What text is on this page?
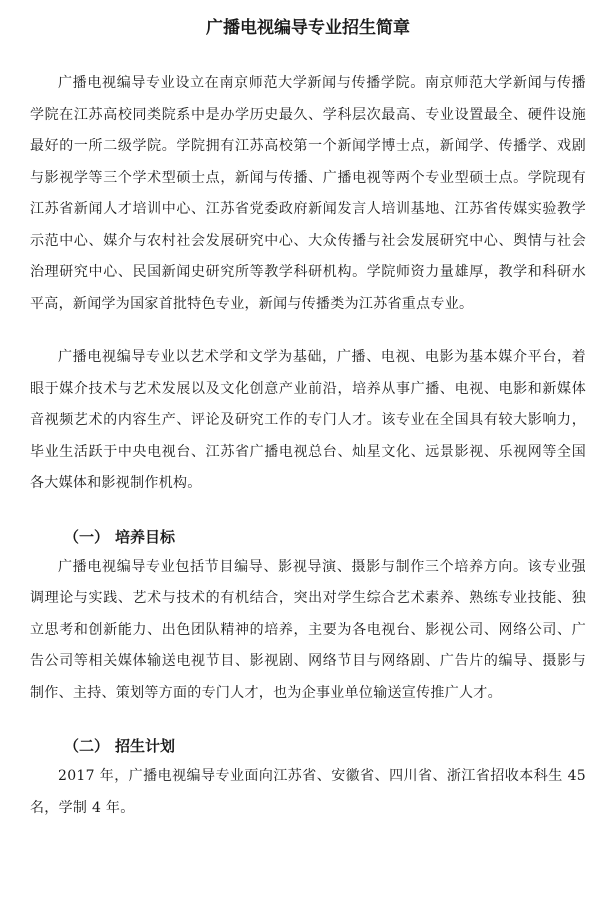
广播电视编导专业招生简章

广播电视编导专业设立在南京师范大学新闻与传播学院。南京师范大学新闻与传播学院在江苏高校同类院系中是办学历史最久、学科层次最高、专业设置最全、硬件设施最好的一所二级学院。学院拥有江苏高校第一个新闻学博士点，新闻学、传播学、戏剧与影视学等三个学术型硕士点，新闻与传播、广播电视等两个专业型硕士点。学院现有江苏省新闻人才培训中心、江苏省党委政府新闻发言人培训基地、江苏省传媒实验教学示范中心、媒介与农村社会发展研究中心、大众传播与社会发展研究中心、舆情与社会治理研究中心、民国新闻史研究所等教学科研机构。学院师资力量雄厚，教学和科研水平高，新闻学为国家首批特色专业，新闻与传播类为江苏省重点专业。

广播电视编导专业以艺术学和文学为基础，广播、电视、电影为基本媒介平台，着眼于媒介技术与艺术发展以及文化创意产业前沿，培养从事广播、电视、电影和新媒体音视频艺术的内容生产、评论及研究工作的专门人才。该专业在全国具有较大影响力，毕业生活跃于中央电视台、江苏省广播电视总台、灿星文化、远景影视、乐视网等全国各大媒体和影视制作机构。

（一） 培养目标

广播电视编导专业包括节目编导、影视导演、摄影与制作三个培养方向。该专业强调理论与实践、艺术与技术的有机结合，突出对学生综合艺术素养、熟练专业技能、独立思考和创新能力、出色团队精神的培养，主要为各电视台、影视公司、网络公司、广告公司等相关媒体输送电视节目、影视剧、网络节目与网络剧、广告片的编导、摄影与制作、主持、策划等方面的专门人才，也为企事业单位输送宣传推广人才。

（二） 招生计划

2017 年，广播电视编导专业面向江苏省、安徽省、四川省、浙江省招收本科生 45 名，学制 4 年。
